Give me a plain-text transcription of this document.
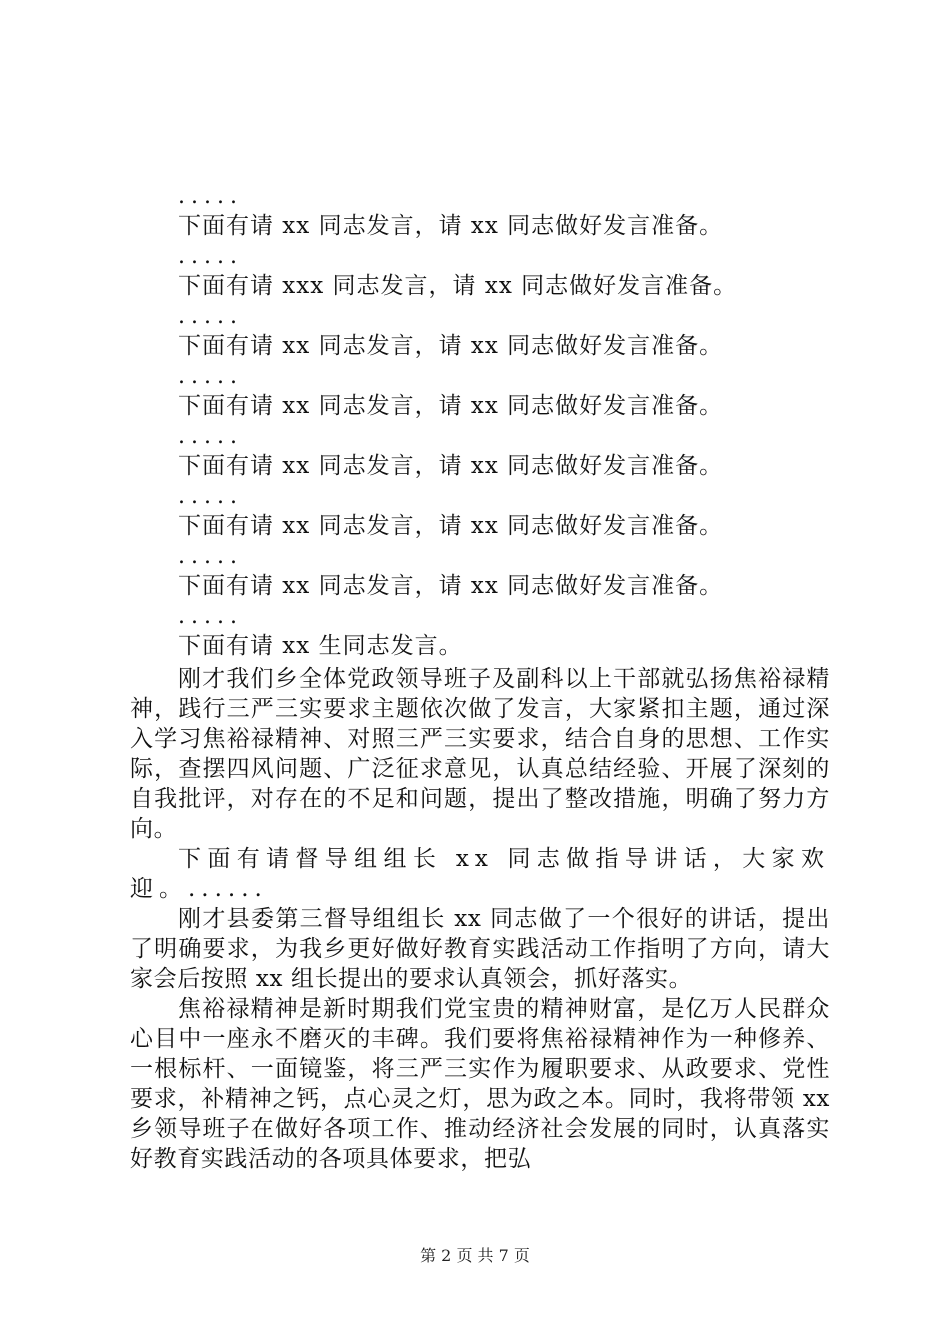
.....
下面有请 xx 同志发言，请 xx 同志做好发言准备。
.....
下面有请 xxx 同志发言，请 xx 同志做好发言准备。
.....
下面有请 xx 同志发言，请 xx 同志做好发言准备。
.....
下面有请 xx 同志发言，请 xx 同志做好发言准备。
.....
下面有请 xx 同志发言，请 xx 同志做好发言准备。
.....
下面有请 xx 同志发言，请 xx 同志做好发言准备。
.....
下面有请 xx 同志发言，请 xx 同志做好发言准备。
.....
下面有请 xx 生同志发言。

刚才我们乡全体党政领导班子及副科以上干部就弘扬焦裕禄精神，践行三严三实要求主题依次做了发言，大家紧扣主题，通过深入学习焦裕禄精神、对照三严三实要求，结合自身的思想、工作实际，查摆四风问题、广泛征求意见，认真总结经验、开展了深刻的自我批评，对存在的不足和问题，提出了整改措施，明确了努力方向。

下面有请督导组组长 xx 同志做指导讲话，大家欢迎。......

刚才县委第三督导组组长 xx 同志做了一个很好的讲话，提出了明确要求，为我乡更好做好教育实践活动工作指明了方向，请大家会后按照 xx 组长提出的要求认真领会，抓好落实。

焦裕禄精神是新时期我们党宝贵的精神财富，是亿万人民群众心目中一座永不磨灭的丰碑。我们要将焦裕禄精神作为一种修养、一根标杆、一面镜鉴，将三严三实作为履职要求、从政要求、党性要求，补精神之钙，点心灵之灯，思为政之本。同时，我将带领 xx 乡领导班子在做好各项工作、推动经济社会发展的同时，认真落实好教育实践活动的各项具体要求，把弘

第 2 页 共 7 页
